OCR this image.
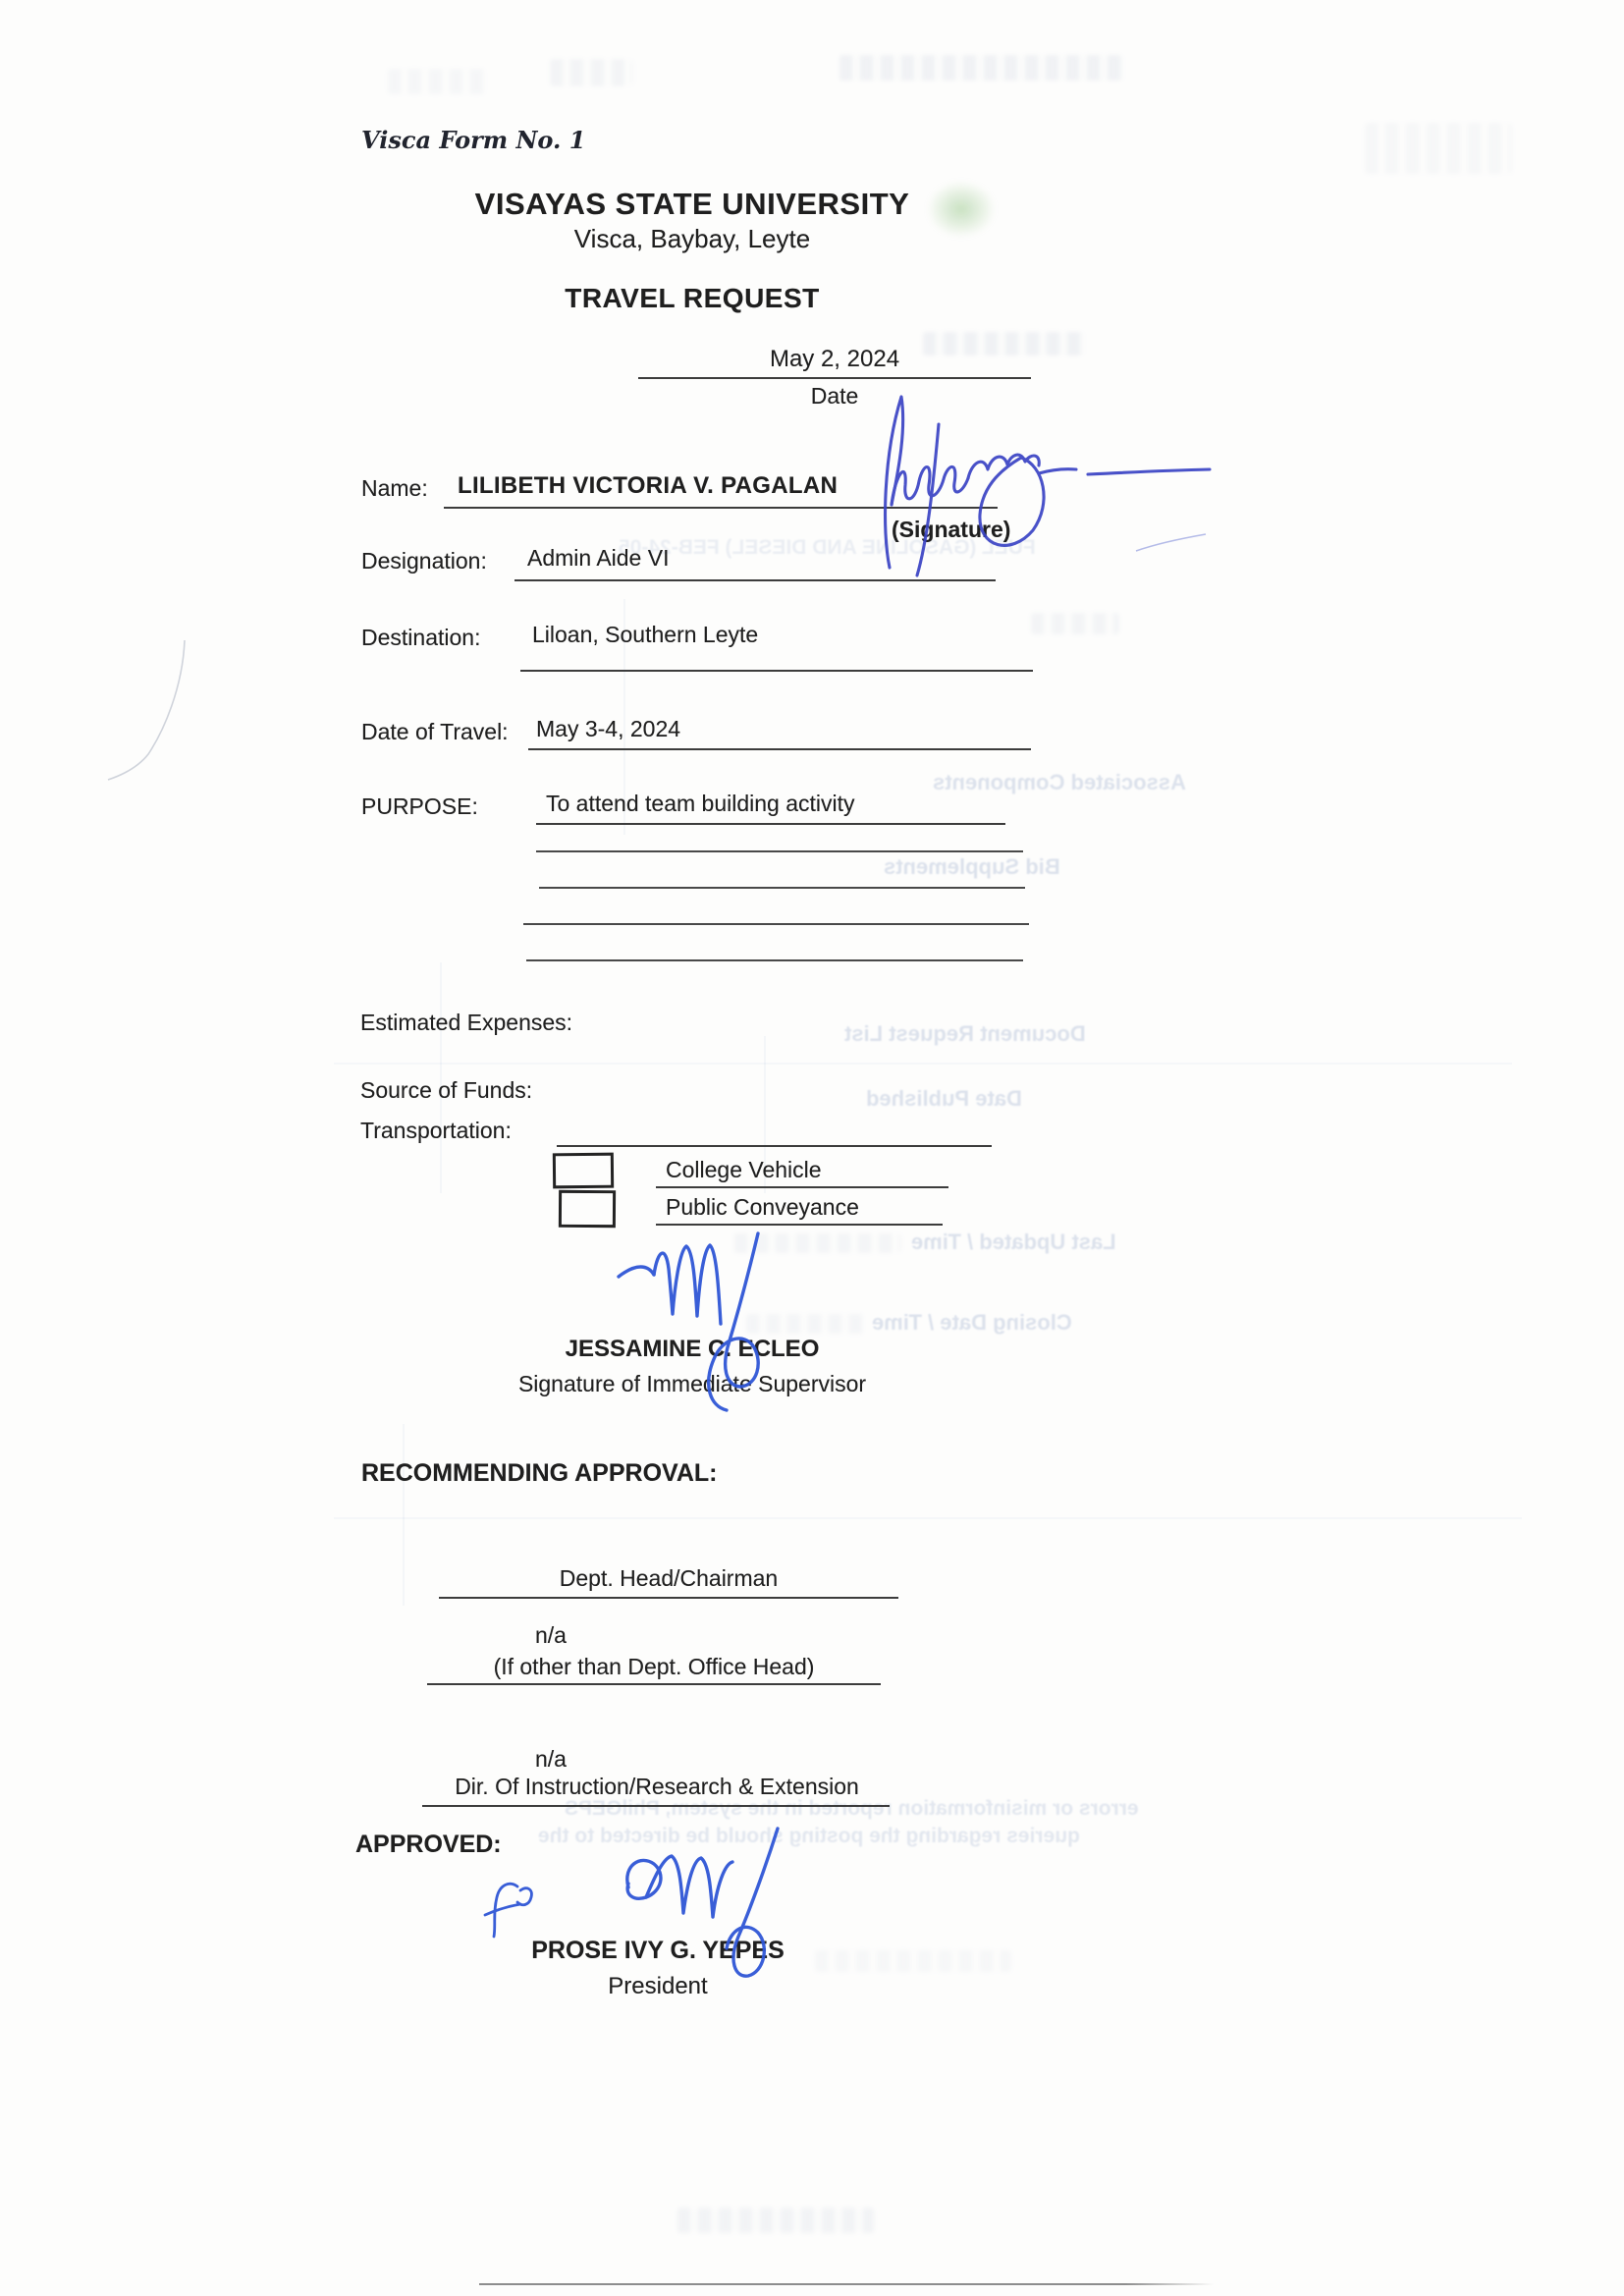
FUEL (GASOLINE AND DIESEL) FEB-24-05
Associated Components
Bid Supplements
Document Request List
Date Published
Last Updated / Time
Closing Date / Time
errors or misinformation reported in the system, PhilGEPS
queries regarding the posting should be directed to the
Visca Form No. 1
VISAYAS STATE UNIVERSITY
Visca, Baybay, Leyte
TRAVEL REQUEST
May 2, 2024
Date
Name: LILIBETH VICTORIA V. PAGALAN
(Signature)
Designation: Admin Aide VI
Destination: Liloan, Southern Leyte
Date of Travel: May 3-4, 2024
PURPOSE:	To attend team building activity
Estimated Expenses:
Source of Funds:
Transportation:
College Vehicle
Public Conveyance
JESSAMINE C. ECLEO
Signature of Immediate Supervisor
RECOMMENDING APPROVAL:
Dept. Head/Chairman
n/a
(If other than Dept. Office Head)
n/a
Dir. Of Instruction/Research & Extension
APPROVED:
PROSE IVY G. YEPES
President
